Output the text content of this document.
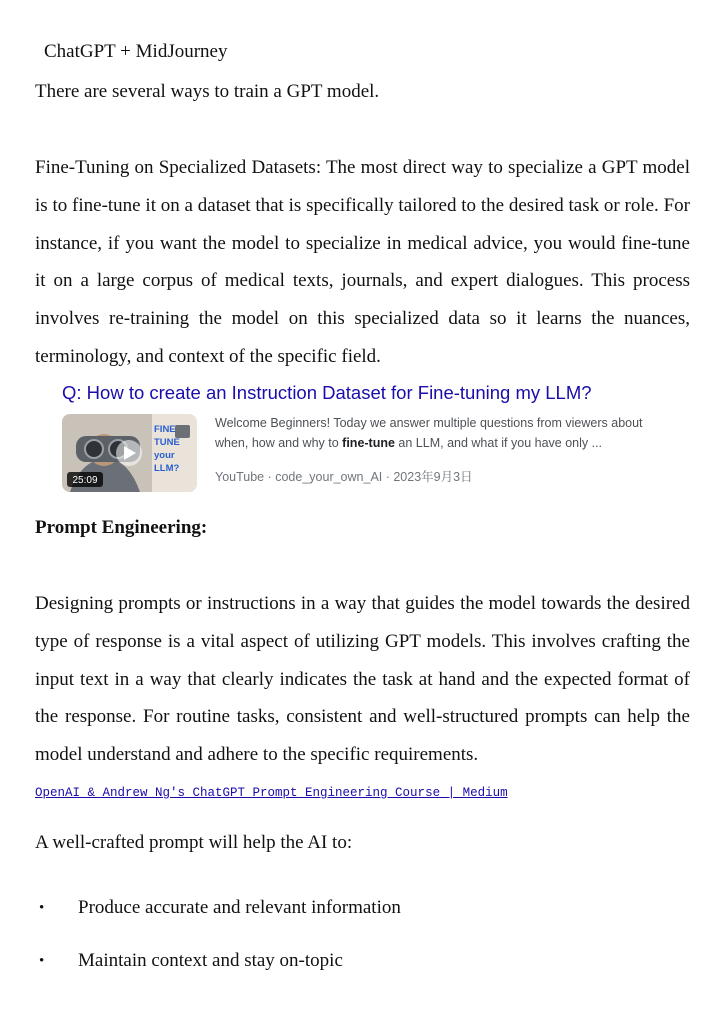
ChatGPT + MidJourney
There are several ways to train a GPT model.
Fine-Tuning on Specialized Datasets: The most direct way to specialize a GPT model is to fine-tune it on a dataset that is specifically tailored to the desired task or role. For instance, if you want the model to specialize in medical advice, you would fine-tune it on a large corpus of medical texts, journals, and expert dialogues. This process involves re-training the model on this specialized data so it learns the nuances, terminology, and context of the specific field.
Q: How to create an Instruction Dataset for Fine-tuning my LLM?
FINE
TUNE
your
LLM?
25:09
Welcome Beginners! Today we answer multiple questions from viewers about
when, how and why to fine-tune an LLM, and what if you have only ...
YouTube · code_your_own_AI · 2023年9月3日
Prompt Engineering:
Designing prompts or instructions in a way that guides the model towards the desired type of response is a vital aspect of utilizing GPT models. This involves crafting the input text in a way that clearly indicates the task at hand and the expected format of the response. For routine tasks, consistent and well-structured prompts can help the model understand and adhere to the specific requirements.
OpenAI & Andrew Ng's ChatGPT Prompt Engineering Course | Medium
A well-crafted prompt will help the AI to:
• Produce accurate and relevant information
• Maintain context and stay on-topic
